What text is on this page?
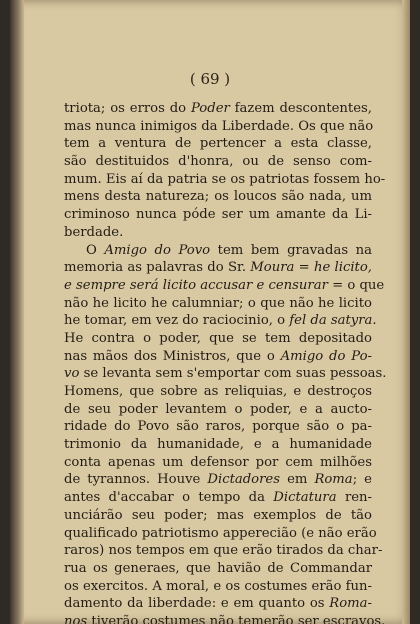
( 69 )
triota; os erros do Poder fazem descontentes,
mas nunca inimigos da Liberdade. Os que não
tem a ventura de pertencer a esta classe,
são destituidos d'honra, ou de senso com-
mum. Eis aí da patria se os patriotas fossem ho-
mens desta natureza; os loucos são nada, um
criminoso nunca póde ser um amante da Li-
berdade.
O Amigo do Povo tem bem gravadas na
memoria as palavras do Sr. Moura = he licito,
e sempre será licito accusar e censurar = o que
não he licito he calumniar; o que não he licito
he tomar, em vez do raciocinio, o fel da satyra.
He contra o poder, que se tem depositado
nas mãos dos Ministros, que o Amigo do Po-
vo se levanta sem s'emportar com suas pessoas.
Homens, que sobre as reliquias, e destroços
de seu poder levantem o poder, e a aucto-
ridade do Povo são raros, porque são o pa-
trimonio da humanidade, e a humanidade
conta apenas um defensor por cem milhões
de tyrannos. Houve Dictadores em Roma; e
antes d'accabar o tempo da Dictatura ren-
unciárão seu poder; mas exemplos de tão
qualificado patriotismo apperecião (e não erão
raros) nos tempos em que erão tirados da char-
rua os generaes, que havião de Commandar
os exercitos. A moral, e os costumes erão fun-
damento da liberdade: e em quanto os Roma-
nos tiverão costumes não temerão ser escravos.
